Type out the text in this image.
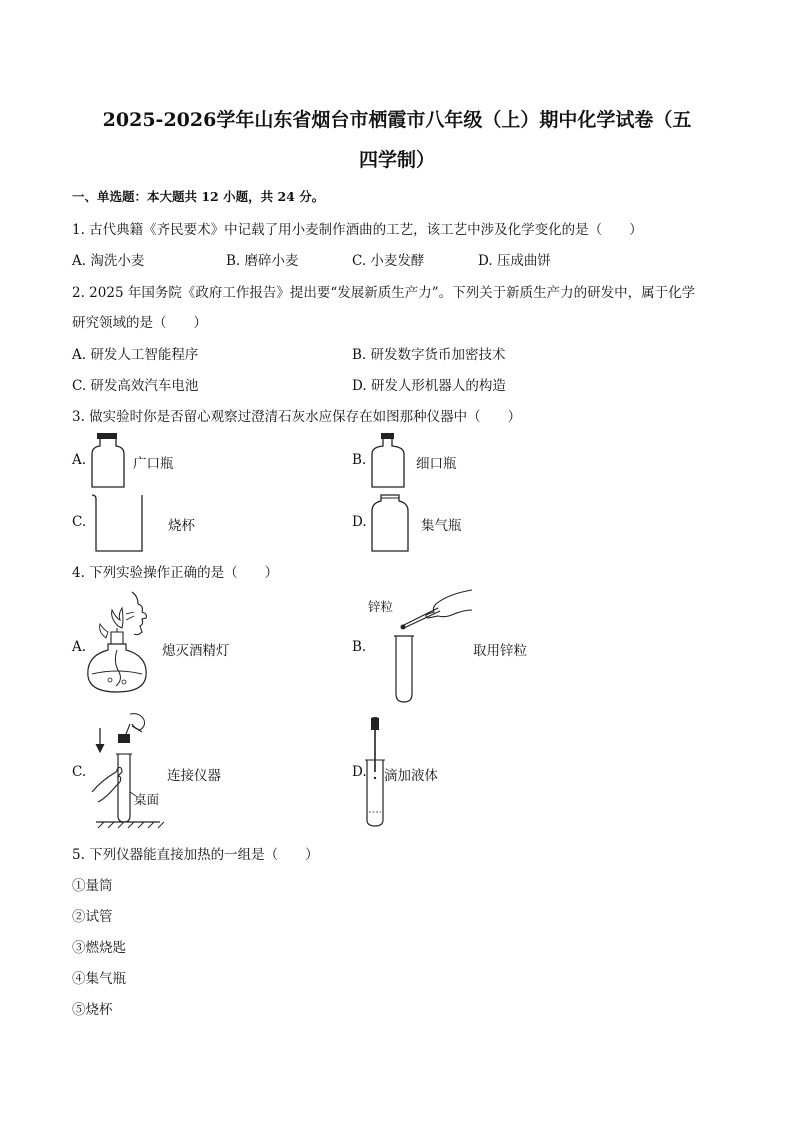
2025-2026学年山东省烟台市栖霞市八年级（上）期中化学试卷（五
四学制）
一、单选题：本大题共 12 小题，共 24 分。
1. 古代典籍《齐民要术》中记载了用小麦制作酒曲的工艺，该工艺中涉及化学变化的是（　　）
A. 淘洗小麦	B. 磨碎小麦	C. 小麦发酵	D. 压成曲饼
2. 2025 年国务院《政府工作报告》提出要“发展新质生产力”。下列关于新质生产力的研发中，属于化学
研究领域的是（　　）
A. 研发人工智能程序	B. 研发数字货币加密技术
C. 研发高效汽车电池	D. 研发人形机器人的构造
3. 做实验时你是否留心观察过澄清石灰水应保存在如图那种仪器中（　　）
A.	广口瓶	B.	细口瓶
C.	烧杯	D.	集气瓶
4. 下列实验操作正确的是（　　）
A.	熄灭酒精灯	B.
锌粒
取用锌粒
C.
桌面
连接仪器	D. 滴加液体
5. 下列仪器能直接加热的一组是（　　）
①量筒
②试管
③燃烧匙
④集气瓶
⑤烧杯
